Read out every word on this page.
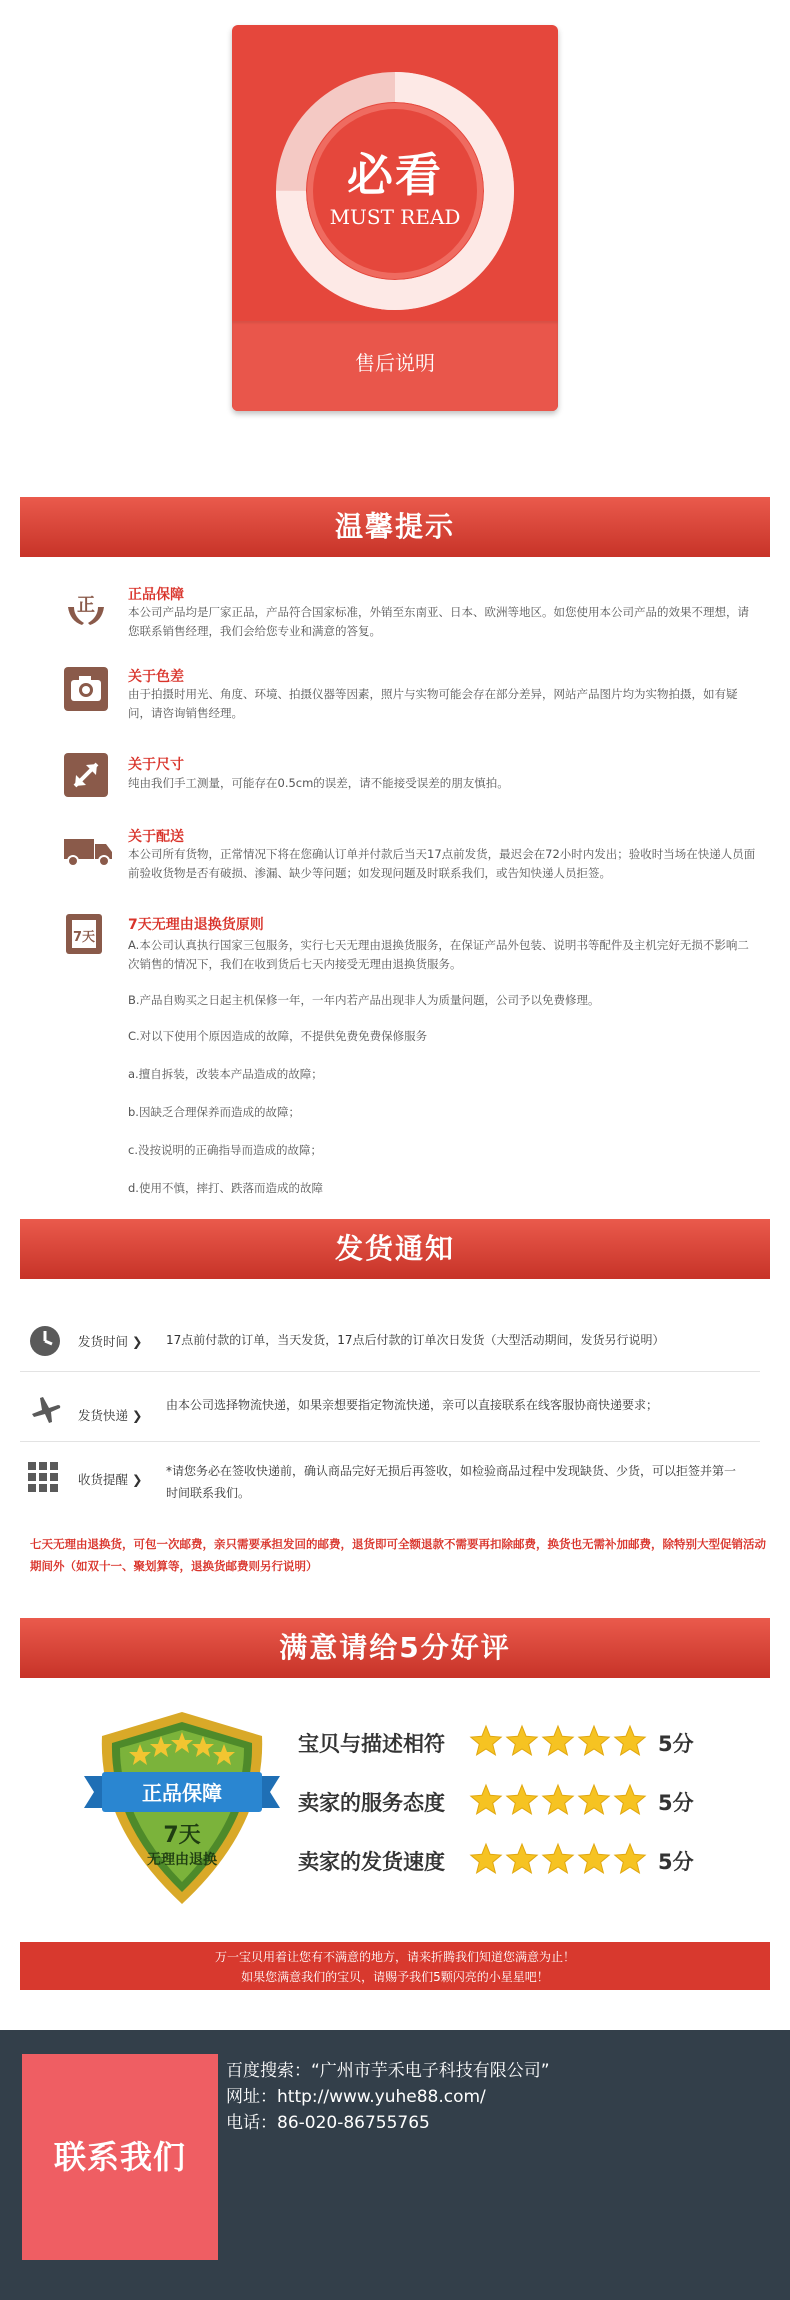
必看
MUST READ
售后说明
温馨提示
正 正品保障
本公司产品均是厂家正品，产品符合国家标准，外销至东南亚、日本、欧洲等地区。如您使用本公司产品的效果不理想，请您联系销售经理，我们会给您专业和满意的答复。
关于色差
由于拍摄时用光、角度、环境、拍摄仪器等因素，照片与实物可能会存在部分差异，网站产品图片均为实物拍摄，如有疑问，请咨询销售经理。
关于尺寸
纯由我们手工测量，可能存在0.5cm的误差，请不能接受误差的朋友慎拍。
关于配送
本公司所有货物，正常情况下将在您确认订单并付款后当天17点前发货，最迟会在72小时内发出；验收时当场在快递人员面前验收货物是否有破损、渗漏、缺少等问题；如发现问题及时联系我们，或告知快递人员拒签。
7天
7天无理由退换货原则
A.本公司认真执行国家三包服务，实行七天无理由退换货服务，在保证产品外包装、说明书等配件及主机完好无损不影响二次销售的情况下，我们在收到货后七天内接受无理由退换货服务。
B.产品自购买之日起主机保修一年，一年内若产品出现非人为质量问题，公司予以免费修理。
C.对以下使用个原因造成的故障，不提供免费免费保修服务
a.擅自拆装，改装本产品造成的故障；
b.因缺乏合理保养而造成的故障；
c.没按说明的正确指导而造成的故障；
d.使用不慎，摔打、跌落而造成的故障
发货通知
发货时间 ❯ 17点前付款的订单，当天发货，17点后付款的订单次日发货（大型活动期间，发货另行说明）
发货快递 ❯
由本公司选择物流快递，如果亲想要指定物流快递，亲可以直接联系在线客服协商快递要求；
收货提醒 ❯
*请您务必在签收快递前，确认商品完好无损后再签收，如检验商品过程中发现缺货、少货，可以拒签并第一时间联系我们。
七天无理由退换货，可包一次邮费，亲只需要承担发回的邮费，退货即可全额退款不需要再扣除邮费，换货也无需补加邮费，除特别大型促销活动期间外（如双十一、聚划算等，退换货邮费则另行说明）
满意请给5分好评
正品保障
7天
无理由退换
宝贝与描述相符	5分
卖家的服务态度	5分
卖家的发货速度	5分
万一宝贝用着让您有不满意的地方，请来折腾我们知道您满意为止！
如果您满意我们的宝贝，请赐予我们5颗闪亮的小星星吧！
联系我们
百度搜索：“广州市芋禾电子科技有限公司”
网址：http://www.yuhe88.com/
电话：86-020-86755765
